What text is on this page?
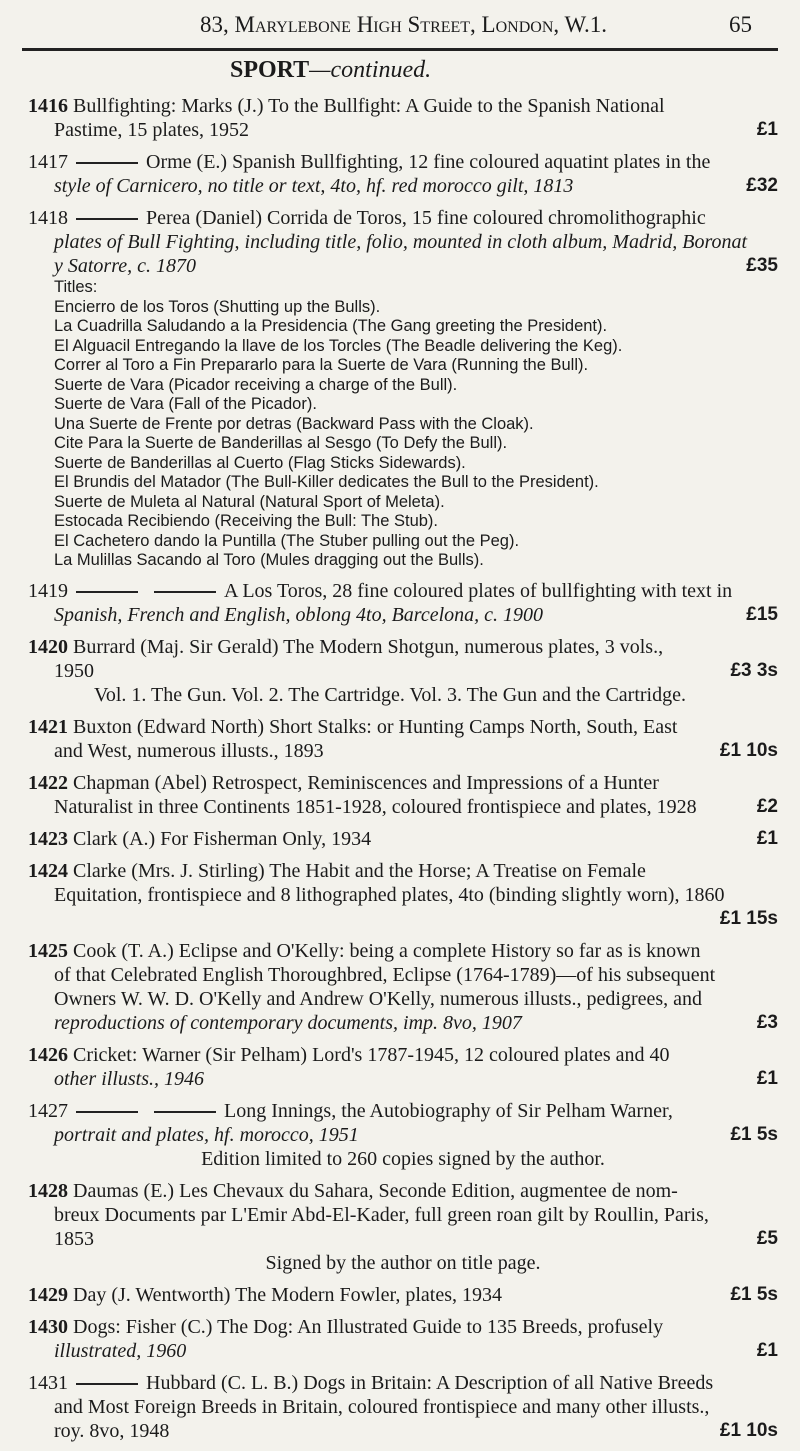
83, Marylebone High Street, London, W.1.	65
SPORT—continued.
1416 Bullfighting: Marks (J.) To the Bullfight: A Guide to the Spanish National
Pastime, 15 plates, 1952	£1
1417	Orme (E.) Spanish Bullfighting, 12 fine coloured aquatint plates in the
style of Carnicero, no title or text, 4to, hf. red morocco gilt, 1813	£32
1418	Perea (Daniel) Corrida de Toros, 15 fine coloured chromolithographic
plates of Bull Fighting, including title, folio, mounted in cloth album, Madrid, Boronat
y Satorre, c. 1870	£35
Titles:
Encierro de los Toros (Shutting up the Bulls).
La Cuadrilla Saludando a la Presidencia (The Gang greeting the President).
El Alguacil Entregando la llave de los Torcles (The Beadle delivering the Keg).
Correr al Toro a Fin Prepararlo para la Suerte de Vara (Running the Bull).
Suerte de Vara (Picador receiving a charge of the Bull).
Suerte de Vara (Fall of the Picador).
Una Suerte de Frente por detras (Backward Pass with the Cloak).
Cite Para la Suerte de Banderillas al Sesgo (To Defy the Bull).
Suerte de Banderillas al Cuerto (Flag Sticks Sidewards).
El Brundis del Matador (The Bull-Killer dedicates the Bull to the President).
Suerte de Muleta al Natural (Natural Sport of Meleta).
Estocada Recibiendo (Receiving the Bull: The Stub).
El Cachetero dando la Puntilla (The Stuber pulling out the Peg).
La Mulillas Sacando al Toro (Mules dragging out the Bulls).
1419	A Los Toros, 28 fine coloured plates of bullfighting with text in
Spanish, French and English, oblong 4to, Barcelona, c. 1900	£15
1420 Burrard (Maj. Sir Gerald) The Modern Shotgun, numerous plates, 3 vols.,
1950	£3 3s
Vol. 1. The Gun. Vol. 2. The Cartridge. Vol. 3. The Gun and the Cartridge.
1421 Buxton (Edward North) Short Stalks: or Hunting Camps North, South, East
and West, numerous illusts., 1893	£1 10s
1422 Chapman (Abel) Retrospect, Reminiscences and Impressions of a Hunter
Naturalist in three Continents 1851-1928, coloured frontispiece and plates, 1928	£2
1423 Clark (A.) For Fisherman Only, 1934	£1
1424 Clarke (Mrs. J. Stirling) The Habit and the Horse; A Treatise on Female
Equitation, frontispiece and 8 lithographed plates, 4to (binding slightly worn), 1860
£1 15s

1425 Cook (T. A.) Eclipse and O'Kelly: being a complete History so far as is known
of that Celebrated English Thoroughbred, Eclipse (1764-1789)—of his subsequent
Owners W. W. D. O'Kelly and Andrew O'Kelly, numerous illusts., pedigrees, and
reproductions of contemporary documents, imp. 8vo, 1907	£3
1426 Cricket: Warner (Sir Pelham) Lord's 1787-1945, 12 coloured plates and 40
other illusts., 1946	£1
1427	Long Innings, the Autobiography of Sir Pelham Warner,
portrait and plates, hf. morocco, 1951	£1 5s
Edition limited to 260 copies signed by the author.
1428 Daumas (E.) Les Chevaux du Sahara, Seconde Edition, augmentee de nom-
breux Documents par L'Emir Abd-El-Kader, full green roan gilt by Roullin, Paris,
1853	£5
Signed by the author on title page.
1429 Day (J. Wentworth) The Modern Fowler, plates, 1934	£1 5s
1430 Dogs: Fisher (C.) The Dog: An Illustrated Guide to 135 Breeds, profusely
illustrated, 1960	£1
1431	Hubbard (C. L. B.) Dogs in Britain: A Description of all Native Breeds
and Most Foreign Breeds in Britain, coloured frontispiece and many other illusts.,
roy. 8vo, 1948	£1 10s
